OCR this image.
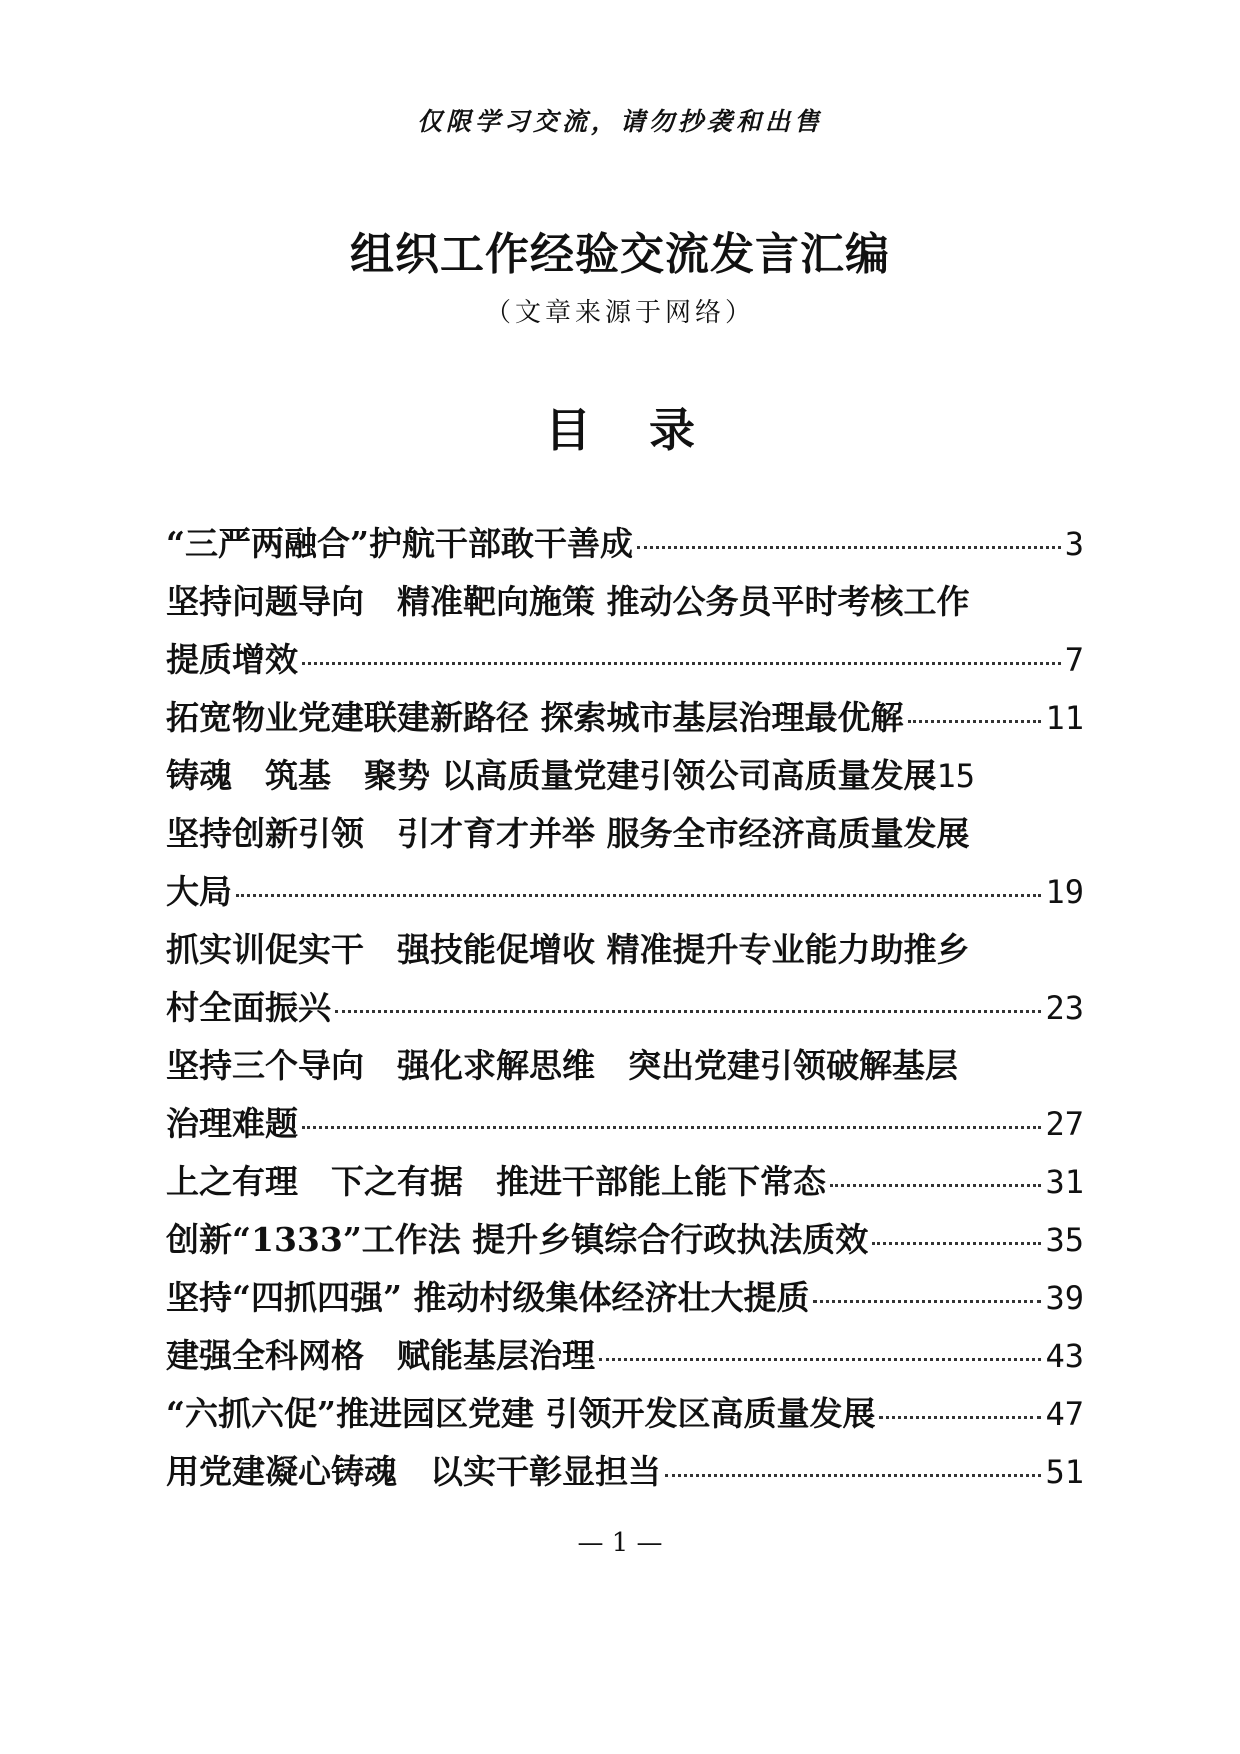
仅限学习交流，请勿抄袭和出售
组织工作经验交流发言汇编
（文章来源于网络）
目 录
“三严两融合”护航干部敢干善成	3
坚持问题导向　精准靶向施策 推动公务员平时考核工作
提质增效	7
拓宽物业党建联建新路径 探索城市基层治理最优解	11
铸魂　筑基　聚势 以高质量党建引领公司高质量发展 15
坚持创新引领　引才育才并举 服务全市经济高质量发展
大局	19
抓实训促实干　强技能促增收 精准提升专业能力助推乡
村全面振兴	23
坚持三个导向　强化求解思维　突出党建引领破解基层
治理难题	27
上之有理　下之有据　推进干部能上能下常态	31
创新“1333”工作法 提升乡镇综合行政执法质效	35
坚持“四抓四强” 推动村级集体经济壮大提质	39
建强全科网格　赋能基层治理	43
“六抓六促”推进园区党建 引领开发区高质量发展	47
用党建凝心铸魂　以实干彰显担当	51
— 1 —
